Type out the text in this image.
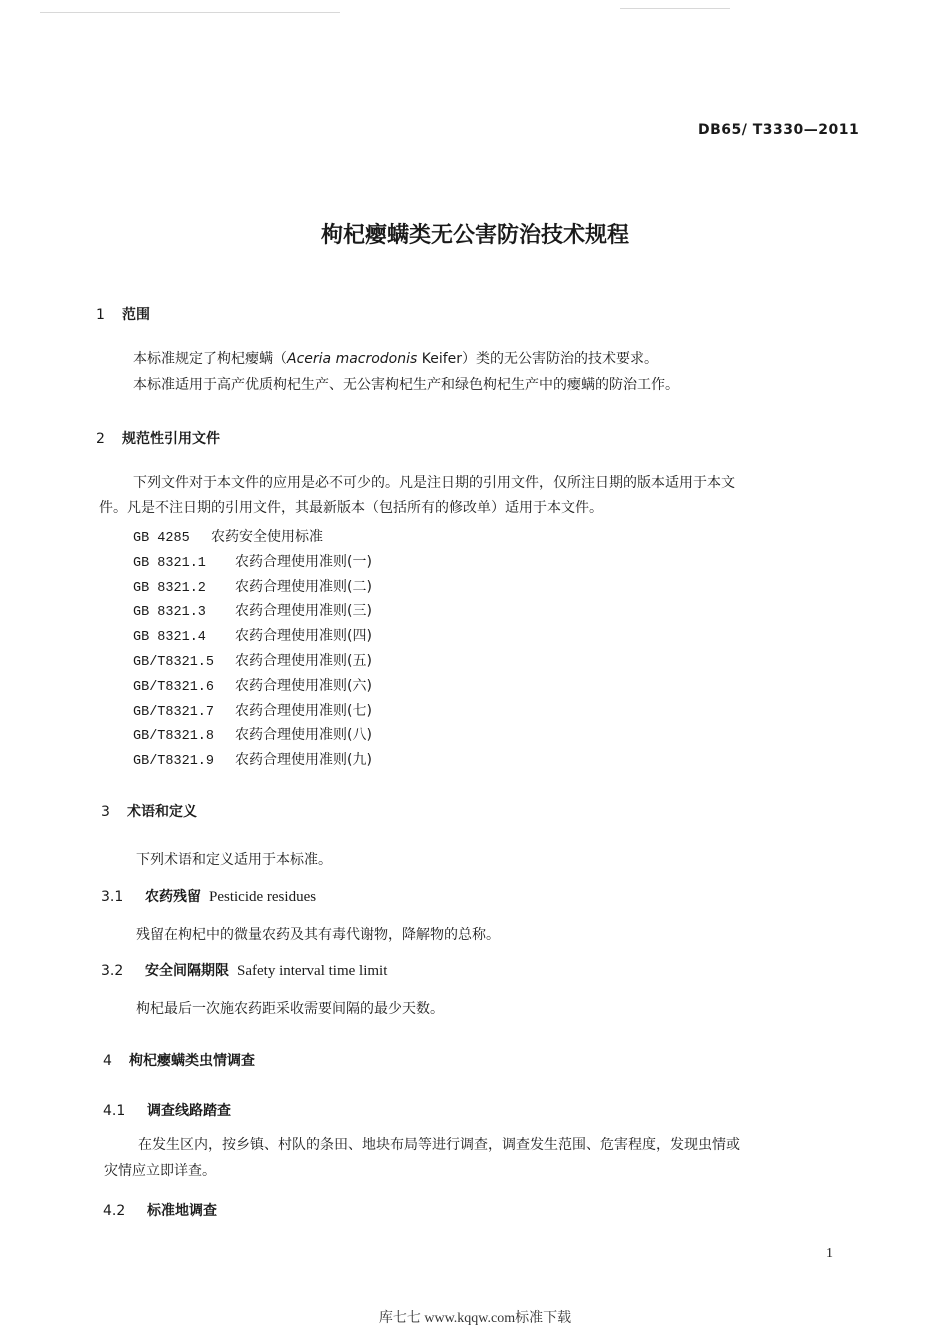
DB65/ T3330—2011
枸杞瘿螨类无公害防治技术规程
1 范围
本标准规定了枸杞瘿螨（Aceria macrodonis Keifer）类的无公害防治的技术要求。
本标准适用于高产优质枸杞生产、无公害枸杞生产和绿色枸杞生产中的瘿螨的防治工作。
2 规范性引用文件
下列文件对于本文件的应用是必不可少的。凡是注日期的引用文件，仅所注日期的版本适用于本文
件。凡是不注日期的引用文件，其最新版本（包括所有的修改单）适用于本文件。
GB 4285 农药安全使用标准
GB 8321.1 农药合理使用准则(一)
GB 8321.2 农药合理使用准则(二)
GB 8321.3 农药合理使用准则(三)
GB 8321.4 农药合理使用准则(四)
GB/T8321.5 农药合理使用准则(五)
GB/T8321.6 农药合理使用准则(六)
GB/T8321.7 农药合理使用准则(七)
GB/T8321.8 农药合理使用准则(八)
GB/T8321.9 农药合理使用准则(九)
3 术语和定义
下列术语和定义适用于本标准。
3.1 农药残留 Pesticide residues
残留在枸杞中的微量农药及其有毒代谢物，降解物的总称。
3.2 安全间隔期限 Safety interval time limit
枸杞最后一次施农药距采收需要间隔的最少天数。
4 枸杞瘿螨类虫情调查
4.1 调查线路踏查
在发生区内，按乡镇、村队的条田、地块布局等进行调查，调查发生范围、危害程度，发现虫情或
灾情应立即详查。
4.2 标准地调查
1
库七七 www.kqqw.com标准下载
